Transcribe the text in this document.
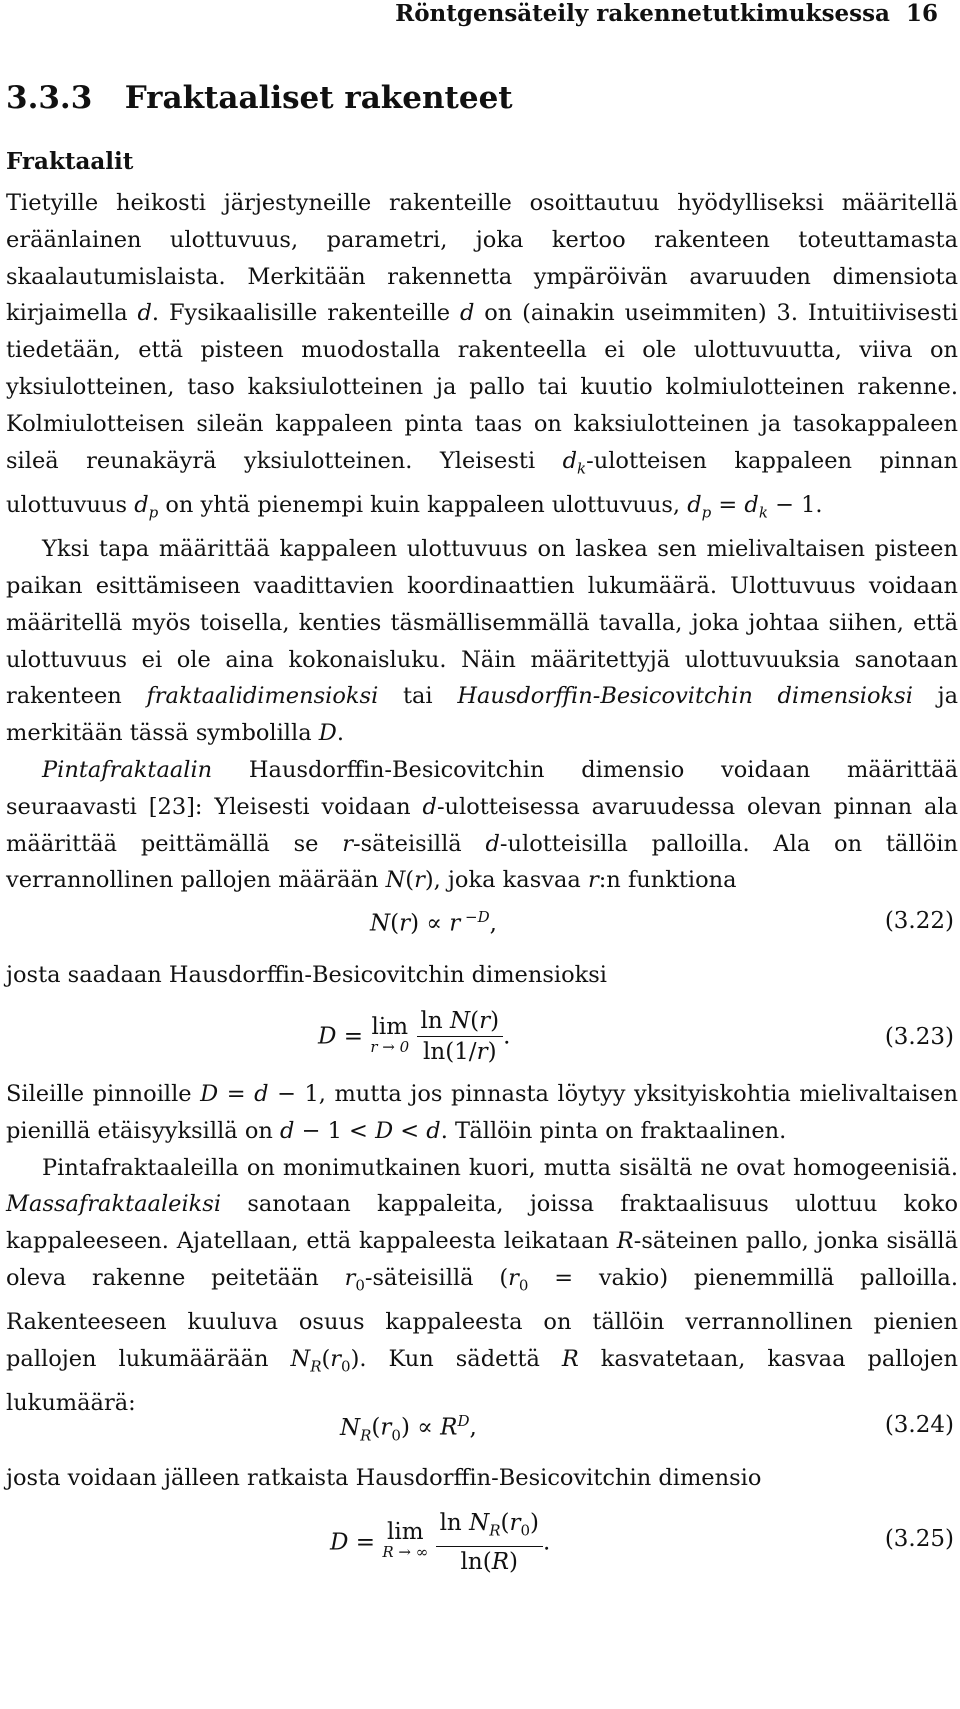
Röntgensäteily rakennetutkimuksessa 16
3.3.3 Fraktaaliset rakenteet
Fraktaalit

Tietyille heikosti järjestyneille rakenteille osoittautuu hyödylliseksi määritellä eräänlainen ulottuvuus, parametri, joka kertoo rakenteen toteuttamasta skaalautumislaista. Merkitään rakennetta ympäröivän avaruuden dimensiota kirjaimella d. Fysikaalisille rakenteille d on (ainakin useimmiten) 3. Intuitiivisesti tiedetään, että pisteen muodostalla rakenteella ei ole ulottuvuutta, viiva on yksiulotteinen, taso kaksiulotteinen ja pallo tai kuutio kolmiulotteinen rakenne. Kolmiulotteisen sileän kappaleen pinta taas on kaksiulotteinen ja tasokappaleen sileä reunakäyrä yksiulotteinen. Yleisesti $d_k$-ulotteisen kappaleen pinnan ulottuvuus $d_p$ on yhtä pienempi kuin kappaleen ulottuvuus, $d_p = d_k - 1$.

Yksi tapa määrittää kappaleen ulottuvuus on laskea sen mielivaltaisen pisteen paikan esittämiseen vaadittavien koordinaattien lukumäärä. Ulottuvuus voidaan määritellä myös toisella, kenties täsmällisemmällä tavalla, joka johtaa siihen, että ulottuvuus ei ole aina kokonaisluku. Näin määritettyjä ulottuvuuksia sanotaan rakenteen fraktaalidimensioksi tai Hausdorffin-Besicovitchin dimensioksi ja merkitään tässä symbolilla D.

Pintafraktaalin Hausdorffin-Besicovitchin dimensio voidaan määrittää seuraavasti [23]: Yleisesti voidaan d-ulotteisessa avaruudessa olevan pinnan ala määrittää peittämällä se r-säteisillä d-ulotteisilla palloilla. Ala on tällöin verrannollinen pallojen määrään N(r), joka kasvaa r:n funktiona

N(r) ∝ r $^{-D}$,	(3.22)

josta saadaan Hausdorffin-Besicovitchin dimensioksi

D = lim
r → 0
$\frac{\text{ln N(r)}}{\ln(1/r)}$ .	(3.23)

Sileille pinnoille D = d − 1, mutta jos pinnasta löytyy yksityiskohtia mielivaltaisen pienillä etäisyyksillä on d − 1 < D < d. Tällöin pinta on fraktaalinen.

Pintafraktaaleilla on monimutkainen kuori, mutta sisältä ne ovat homogeenisiä. Massafraktaaleiksi sanotaan kappaleita, joissa fraktaalisuus ulottuu koko kappaleeseen. Ajatellaan, että kappaleesta leikataan R-säteinen pallo, jonka sisällä oleva rakenne peitetään $r_0$-säteisillä ($r_0$ = vakio) pienemmillä palloilla. Rakenteeseen kuuluva osuus kappaleesta on tällöin verrannollinen pienien pallojen lukumäärään $N_R(r_0)$. Kun sädettä R kasvatetaan, kasvaa pallojen lukumäärä:

$N_R(r_0) \propto R^D$,	(3.24)

josta voidaan jälleen ratkaista Hausdorffin-Besicovitchin dimensio

D = lim
R → ∞
$\frac{\ln N_R(r_0)}{\ln(R)}$ .	(3.25)
